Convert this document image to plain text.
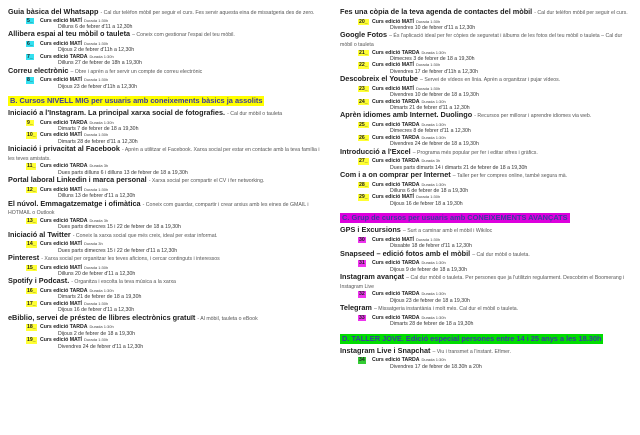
Guia bàsica del Whatsapp - Cal dur telèfon mòbil per seguir el curs. Fes servir aquesta eina de missatgeria des de zero.
5_ Curs edició MATÍ Durada 1:30h
Dilluns 6 de febrer d'11 a 12,30h
Allibera espai al teu mòbil o tauleta – Coneix com gestionar l'espai del teu mòbil.
6_ Curs edició MATÍ Durada 1:30h
Dijous 2 de febrer d'11h a 12,30h
7_ Curs edició TARDA Durada 1:30h
Dilluns 27 de febrer de 18h a 19,30h
Correu electrònic – Obre i aprèn a fer servir un compte de correu electrònic
8_ Curs edició MATÍ Durada 1:30h
Dijous 23 de febrer d'11h a 12,30h
B. Cursos NIVELL MIG per usuaris amb coneixements bàsics ja assolits
Iniciació a l'Instagram. La principal xarxa social de fotografies. - Cal dur mòbil o tauleta
9_ Curs edició TARDA Durada 1:30h
Dimarts 7 de febrer de 18 a 19,30h
10_ Curs edició MATÍ Durada 1:30h
Dimarts 28 de febrer d'11 a 12,30h
Iniciació i privacitat al Facebook - Aprèn a utilitzar el Facebook. Xarxa social per estar en contacte amb la teva família i les teves amistats.
11_ Curs edició TARDA Durada 3h
Dues parts dilluns 6 i dilluns 13 de febrer de 18 a 19,30h
Portal laboral Linkedin i marca personal - Xarxa social per compartir el CV i fer networking.
12_ Curs edició MATÍ Durada 1:30h
Dilluns 13 de febrer d'11 a 12,30h
El núvol. Emmagatzematge i ofimàtica - Coneix com guardar, compartir i crear arxius amb les eines de GMAIL i HOTMAIL o Outlook
13_ Curs edició TARDA Durada 3h
Dues parts dimecres 15 i 22 de febrer de 18 a 19,30h
Iniciació al Twitter - Coneix la xarxa social que més creix, ideal per estar informat.
14_ Curs edició MATÍ Durada 3h
Dues parts dimecres 15 i 22 de febrer d'11 a 12,30h
Pinterest - Xarxa social per organitzar les teves aficions, i cercar continguts i interessos
15_ Curs edició MATÍ Durada 1:30h
Dilluns 20 de febrer d'11 a 12,30h
Spotify i Podcast. - Organitza i escolta la teva música a la xarxa
16_ Curs edició TARDA Durada 1:30h
Dimarts 21 de febrer de 18 a 19,30h
17_ Curs edició MATÍ Durada 1:30h
Dijous 16 de febrer d'11 a 12,30h
eBiblio, servei de préstec de llibres electrònics gratuït - Al mòbil, tauleta o eBook
18_ Curs edició TARDA Durada 1:30h
Dijous 2 de febrer de 18 a 19,30h
19_ Curs edició MATÍ Durada 1:30h
Divendres 24 de febrer d'11 a 12,30h
Fes una còpia de la teva agenda de contactes del mòbil - Cal dur telèfon mòbil per seguir el curs.
20_ Curs edició MATÍ Durada 1:30h
Divendres 10 de febrer d'11 a 12,30h
Google Fotos – És l'aplicació ideal per fer còpies de seguretat i àlbums de les fotos del teu mòbil o tauleta – Cal dur mòbil o tauleta
21_ Curs edició TARDA Durada 1:30h
Dimecres 3 de febrer de 18 a 19,30h
22_ Curs edició MATÍ Durada 1:30h
Divendres 17 de febrer d'11h a 12,30h
Descobreix el Youtube – Servei de vídeos en línia. Aprèn a organitzar i pujar vídeos.
23_ Curs edició MATÍ Durada 1:30h
Divendres 10 de febrer de 18 a 19,30h
24_ Curs edició TARDA Durada 1:30h
Dimarts 21 de febrer d'11 a 12,30h
Aprèn idiomes amb Internet. Duolingo - Recursos per millorar i aprendre idiomes via web.
25_ Curs edició TARDA Durada 1:30h
Dimecres 8 de febrer d'11 a 12,30h
26_ Curs edició TARDA Durada 1:30h
Divendres 24 de febrer de 18 a 19,30h
Introducció a l'Excel – Programa més popular per fer i editar xifres i gràfics.
27_ Curs edició TARDA Durada 3h
Dues parts dimarts 14 i dimarts 21 de febrer de 18 a 19,30h
Com i a on comprar per Internet – Taller per fer compres online, també segura mà.
28_ Curs edició TARDA Durada 1:30h
Dilluns 6 de febrer de 18 a 19,30h
29_ Curs edició MATÍ Durada 1:30h
Dijous 16 de febrer 18 a 19,30h
C. Grup de cursos per usuaris amb CONEIXEMENTS AVANÇATS
GPS i Excursions – Surt a caminar amb el mòbil i Wikiloc
30 Curs edició MATÍ Durada 1:30h
Dissabte 18 de febrer d'11 a 12,30h
Snapseed – edició fotos amb el mòbil – Cal dur mòbil o tauleta.
31 Curs edició TARDA Durada 1:30h
Dijous 9 de febrer de 18 a 19,30h
Instagram avançat – Cal dur mòbil o tauleta. Per persones que ja l'utilitzin regularment. Descobrim el Boomerang i Instagram Live
32 Curs edició TARDA Durada 1:30h
Dijous 23 de febrer de 18 a 19,30h
Telegram – Missatgeria instantània i molt més. Cal dur el mòbil o tauleta.
33 Curs edició TARDA Durada 1:30h
Dimarts 28 de febrer de 18 a 19,30h
D. TALLER JOVE. Edició especial persones entre 14 i 25 anys a les 18.30h
Instagram Live i Snapchat – Viu i transmet a l'instant. Efímer.
34 Curs edició TARDA Durada 1:30h
Divendres 17 de febrer de 18.30h a 20h
